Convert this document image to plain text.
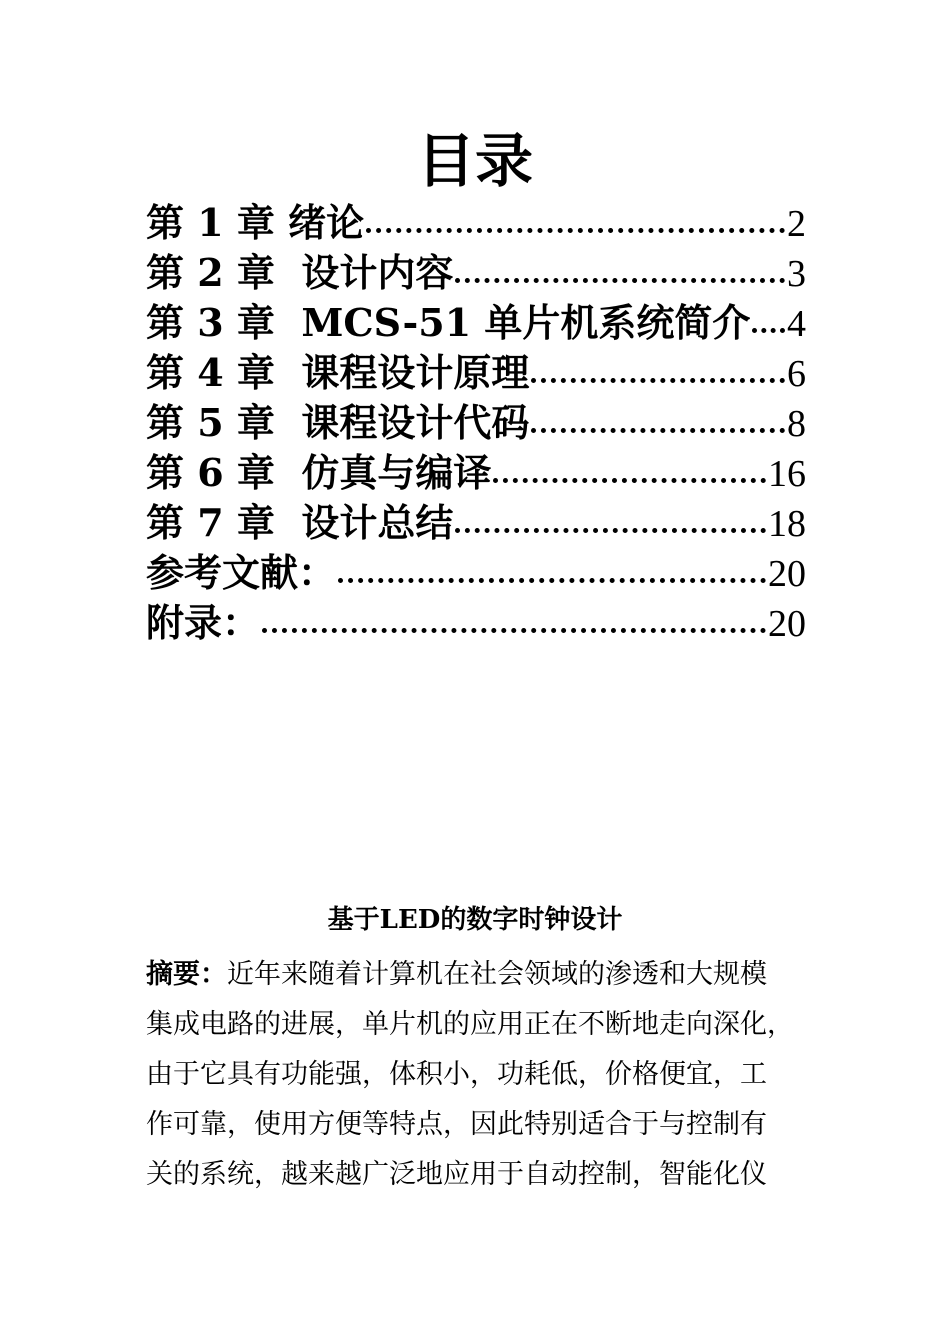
目录
第 1 章 绪论	2
第 2 章  设计内容	3
第 3 章  MCS-51 单片机系统简介 4
第 4 章  课程设计原理	6
第 5 章  课程设计代码	8
第 6 章  仿真与编译	16
第 7 章  设计总结	18
参考文献：	20
附录：	20
基于LED的数字时钟设计
摘要：近年来随着计算机在社会领域的渗透和大规模
集成电路的进展，单片机的应用正在不断地走向深化，
由于它具有功能强，体积小，功耗低，价格便宜，工
作可靠，使用方便等特点，因此特别适合于与控制有
关的系统，越来越广泛地应用于自动控制，智能化仪
